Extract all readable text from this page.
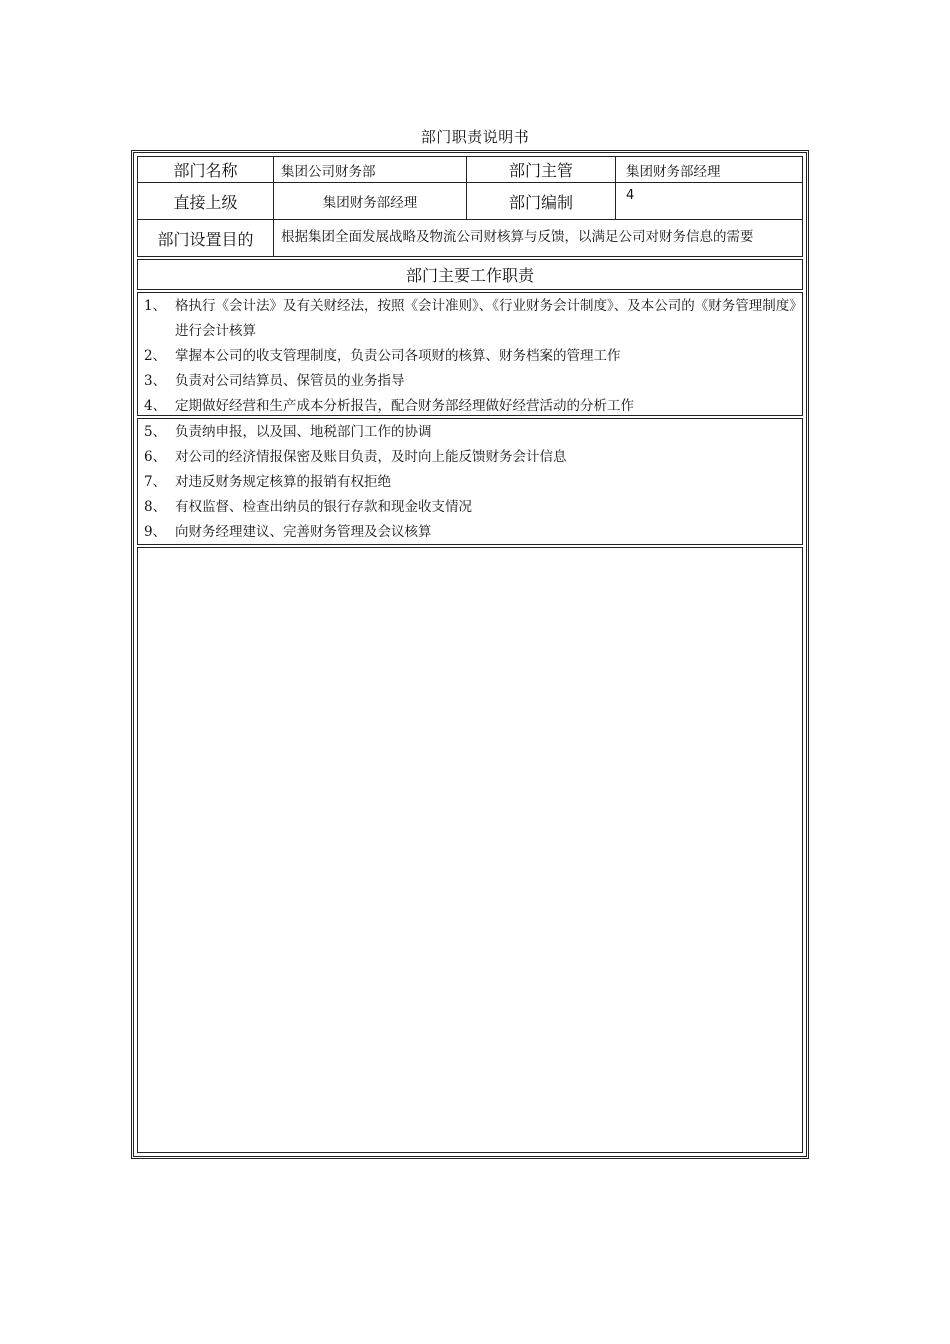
部门职责说明书
部门名称	集团公司财务部	部门主管	集团财务部经理
直接上级	集团财务部经理	部门编制	4
部门设置目的	根据集团全面发展战略及物流公司财核算与反馈，以满足公司对财务信息的需要
部门主要工作职责
1、 格执行《会计法》及有关财经法，按照《会计准则》、《行业财务会计制度》、及本公司的《财务管理制度》进行会计核算
2、 掌握本公司的收支管理制度，负责公司各项财的核算、财务档案的管理工作
3、 负责对公司结算员、保管员的业务指导
4、 定期做好经营和生产成本分析报告，配合财务部经理做好经营活动的分析工作
5、 负责纳申报，以及国、地税部门工作的协调
6、 对公司的经济情报保密及账目负责，及时向上能反馈财务会计信息
7、 对违反财务规定核算的报销有权拒绝
8、 有权监督、检查出纳员的银行存款和现金收支情况
9、 向财务经理建议、完善财务管理及会议核算
